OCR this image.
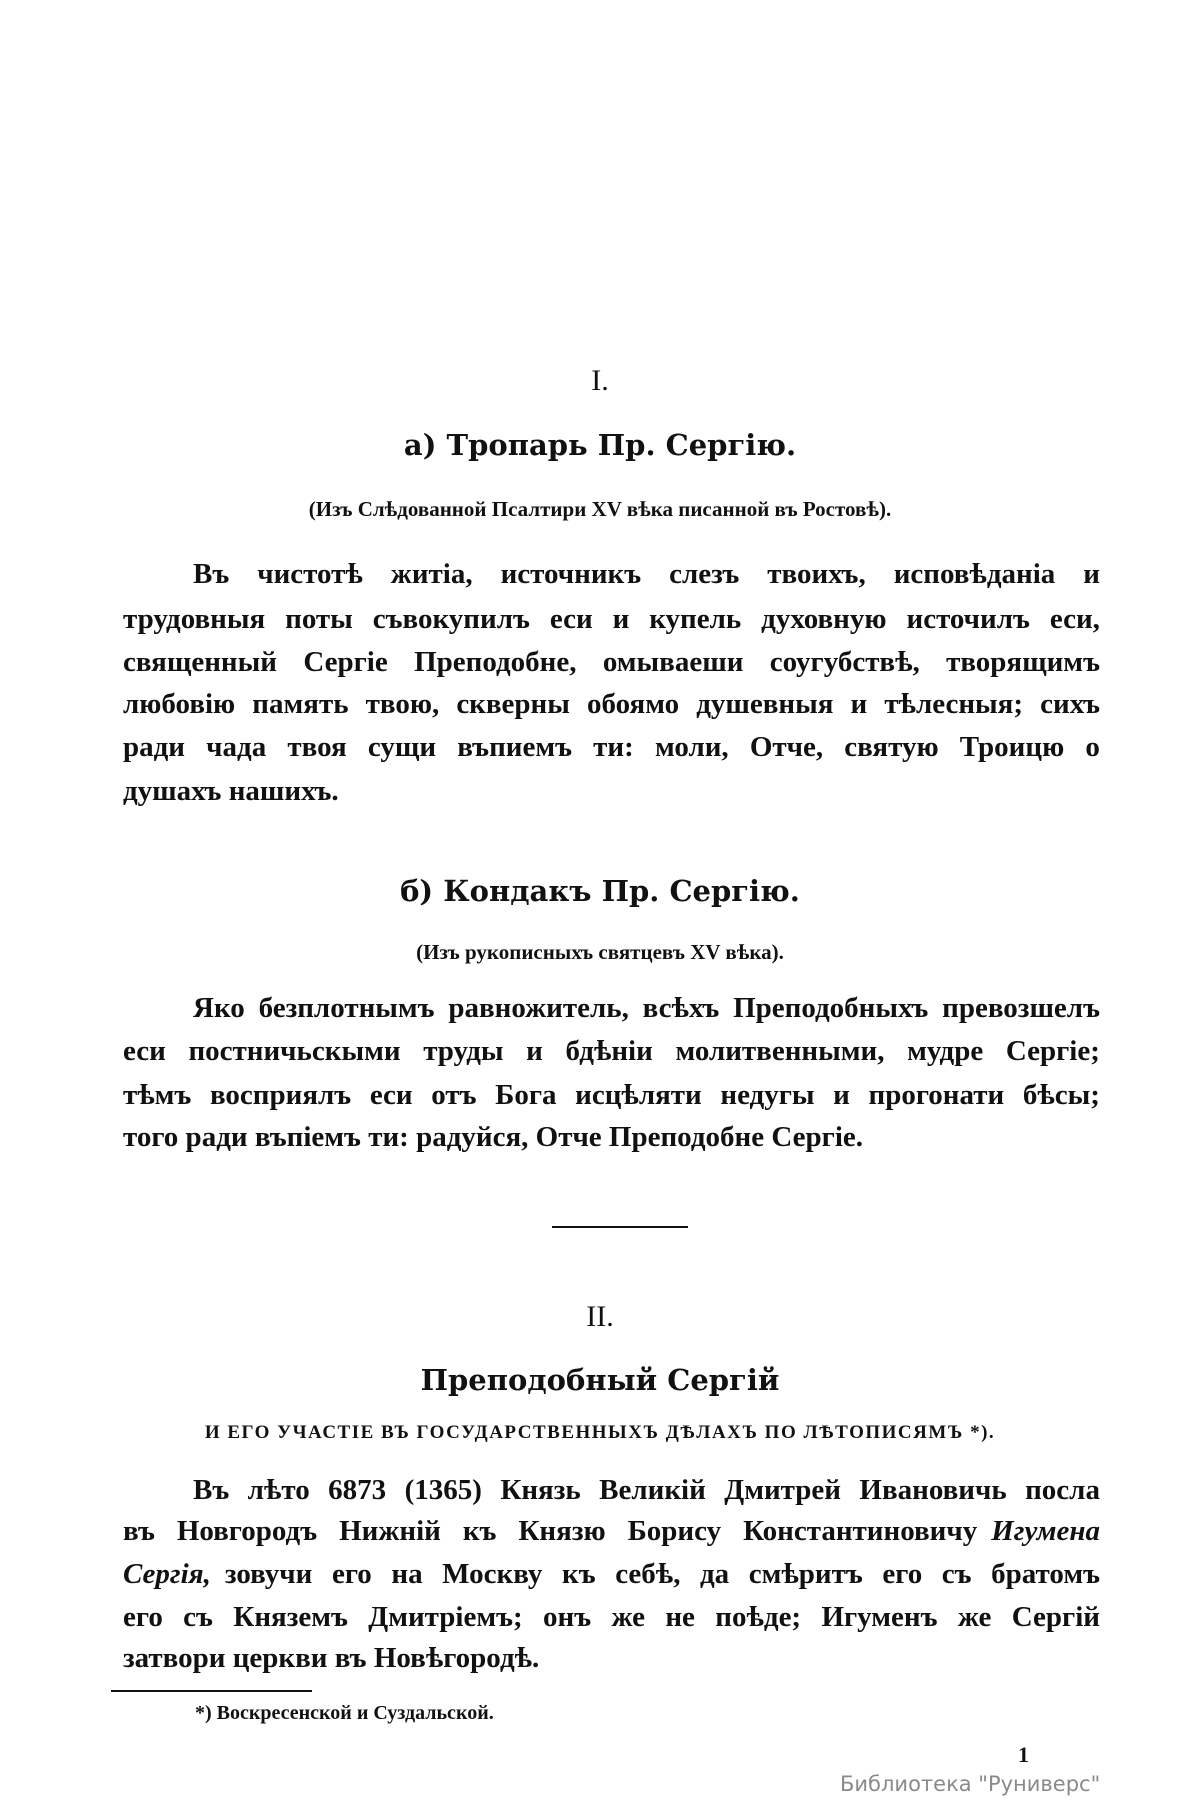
I.
а) Тропарь Пр. Сергію.
(Изъ Слѣдованной Псалтири XV вѣка писанной въ Ростовѣ).
Въ чистотѣ житіа, источникъ слезъ твоихъ, исповѣданіа и
трудовныя поты съвокупилъ еси и купель духовную источилъ еси,
священный Сергіе Преподобне, омываеши соугубствѣ, творящимъ
любовію память твою, скверны обоямо душевныя и тѣлесныя; сихъ
ради чада твоя сущи въпиемъ ти: моли, Отче, святую Троицю о
душахъ нашихъ.
б) Кондакъ Пр. Сергію.
(Изъ рукописныхъ святцевъ XV вѣка).
Яко безплотнымъ равножитель, всѣхъ Преподобныхъ превозшелъ
еси постничьскыми труды и бдѣніи молитвенными, мудре Сергіе;
тѣмъ восприялъ еси отъ Бога исцѣляти недугы и прогонати бѣсы;
того ради въпіемъ ти: радуйся, Отче Преподобне Сергіе.
II.
Преподобный Сергій
И ЕГО УЧАСТІЕ ВЪ ГОСУДАРСТВЕННЫХЪ ДѢЛАХЪ ПО ЛѢТОПИСЯМЪ *).
Въ лѣто 6873 (1365) Князь Великій Дмитрей Ивановичь посла
въ Новгородъ Нижній къ Князю Борису Константиновичу Игумена
Сергія, зовучи его на Москву къ себѣ, да смѣритъ его съ братомъ
его съ Княземъ Дмитріемъ; онъ же не поѣде; Игуменъ же Сергій
затвори церкви въ Новѣгородѣ.
*) Воскресенской и Суздальской.
1
Библиотека "Руниверс"
